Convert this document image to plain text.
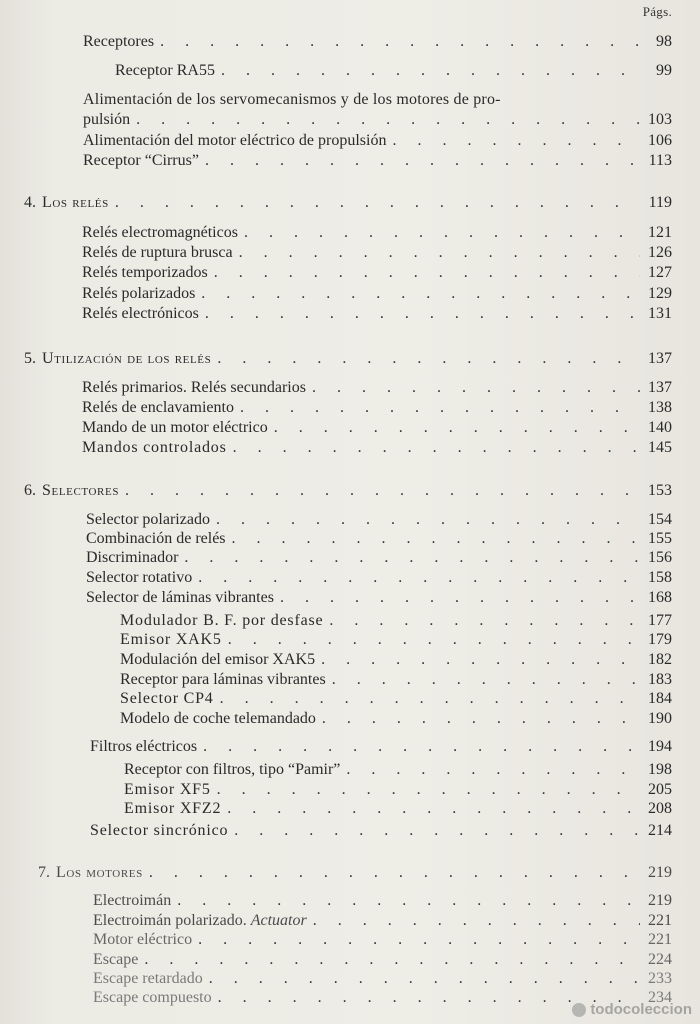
Págs.
Receptores . . .	98
Receptor RA55 . . .	99
Alimentación de los servomecanismos y de los motores de pro-
pulsión . . .	103
Alimentación del motor eléctrico de propulsión . . .	106
Receptor “Cirrus” . . .	113
4. Los relés . . .	119
Relés electromagnéticos . . .	121
Relés de ruptura brusca . . .	126
Relés temporizados . . .	127
Relés polarizados . . .	129
Relés electrónicos . . .	131
5. Utilización de los relés . . .	137
Relés primarios. Relés secundarios . . .	137
Relés de enclavamiento . . .	138
Mando de un motor eléctrico . . .	140
Mandos controlados . . .	145
6. Selectores . . .	153
Selector polarizado . . .	154
Combinación de relés . . .	155
Discriminador . . .	156
Selector rotativo . . .	158
Selector de láminas vibrantes . . .	168
Modulador B. F. por desfase . . .	177
Emisor XAK5 . . .	179
Modulación del emisor XAK5 . . .	182
Receptor para láminas vibrantes . . .	183
Selector CP4 . . .	184
Modelo de coche telemandado . . .	190
Filtros eléctricos . . .	194
Receptor con filtros, tipo “Pamir” . . .	198
Emisor XF5 . . .	205
Emisor XFZ2 . . .	208
Selector sincrónico . . .	214
7. Los motores . . .	219
Electroimán . . .	219
Electroimán polarizado. Actuator . . .	221
Motor eléctrico . . .	221
Escape . . .	224
Escape retardado . . .	233
Escape compuesto . . .	234
todocoleccion
